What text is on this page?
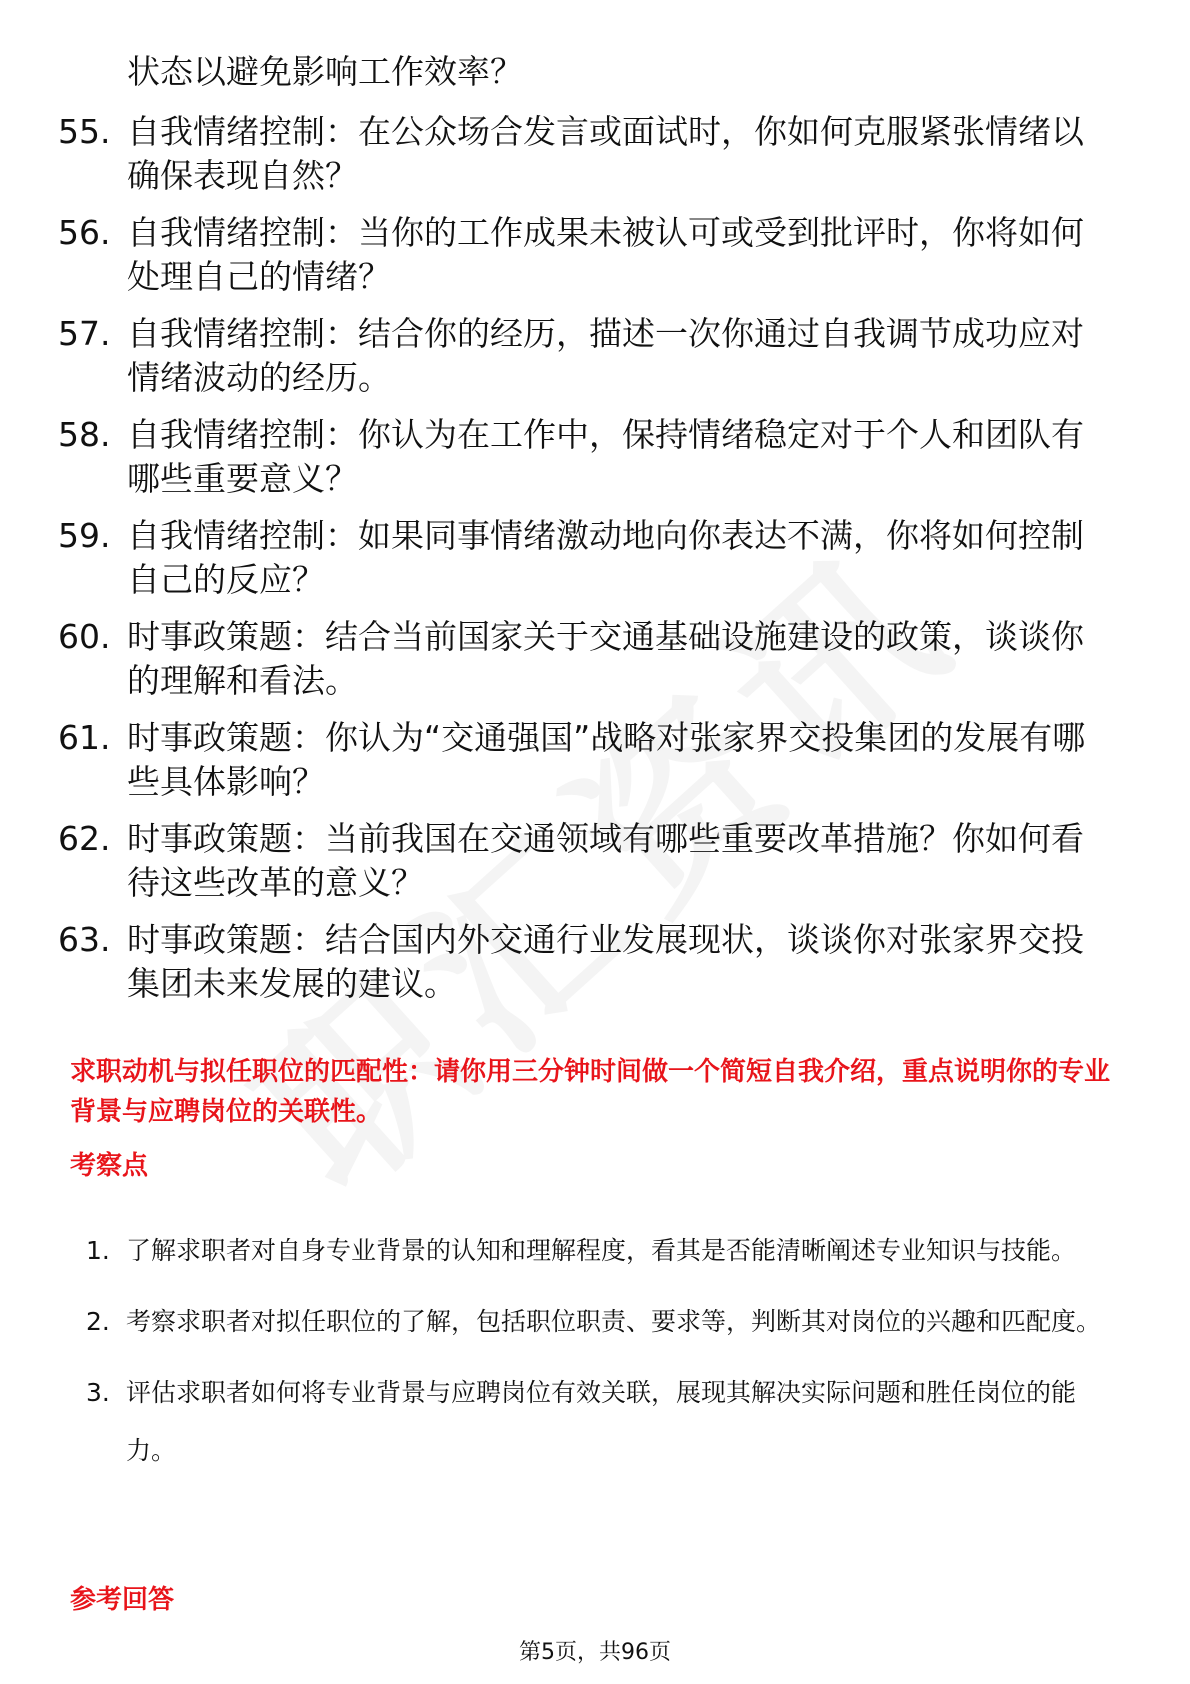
状态以避免影响工作效率？
55. 自我情绪控制：在公众场合发言或面试时，你如何克服紧张情绪以确保表现自然？
56. 自我情绪控制：当你的工作成果未被认可或受到批评时，你将如何处理自己的情绪？
57. 自我情绪控制：结合你的经历，描述一次你通过自我调节成功应对情绪波动的经历。
58. 自我情绪控制：你认为在工作中，保持情绪稳定对于个人和团队有哪些重要意义？
59. 自我情绪控制：如果同事情绪激动地向你表达不满，你将如何控制自己的反应？
60. 时事政策题：结合当前国家关于交通基础设施建设的政策，谈谈你的理解和看法。
61. 时事政策题：你认为“交通强国”战略对张家界交投集团的发展有哪些具体影响？
62. 时事政策题：当前我国在交通领域有哪些重要改革措施？你如何看待这些改革的意义？
63. 时事政策题：结合国内外交通行业发展现状，谈谈你对张家界交投集团未来发展的建议。
求职动机与拟任职位的匹配性：请你用三分钟时间做一个简短自我介绍，重点说明你的专业背景与应聘岗位的关联性。
考察点
1. 了解求职者对自身专业背景的认知和理解程度，看其是否能清晰阐述专业知识与技能。
2. 考察求职者对拟任职位的了解，包括职位职责、要求等，判断其对岗位的兴趣和匹配度。
3. 评估求职者如何将专业背景与应聘岗位有效关联，展现其解决实际问题和胜任岗位的能力。
参考回答
第5页，共96页
